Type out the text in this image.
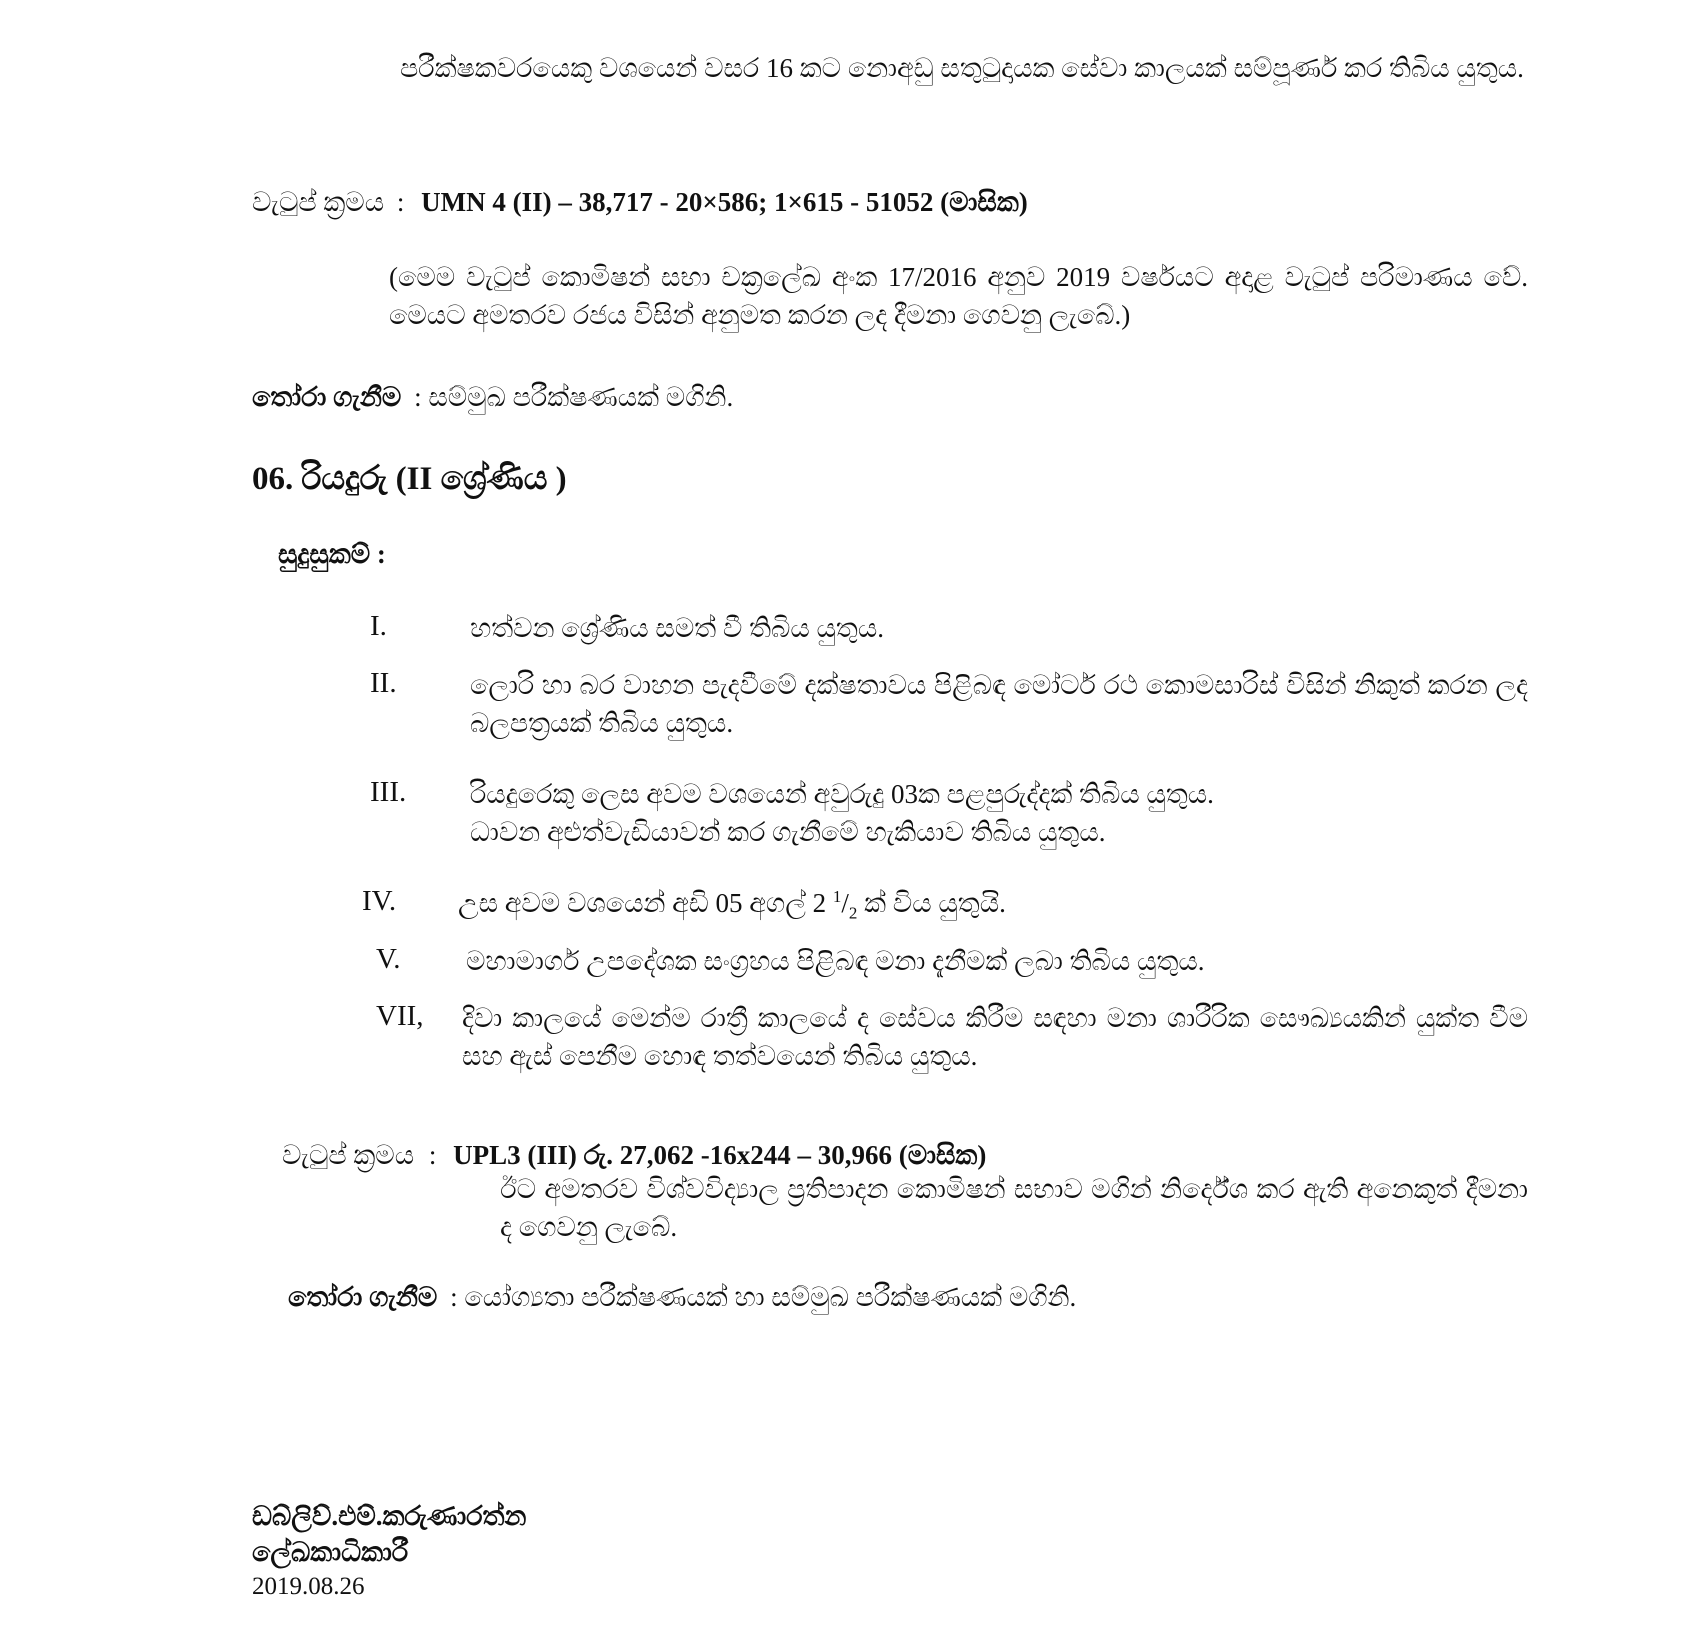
පරීක්ෂකවරයෙකු වශයෙන් වසර 16 කට නොඅඩු සතුටුදායක සේවා කාලයක් සම්පූර්ණ කර තිබිය යුතුය.
වැටුප් ක්‍රමය : UMN 4 (II) – 38,717 - 20×586; 1×615 - 51052 (මාසික)
(මෙම වැටුප් කොමිෂන් සභා චක්‍රලේඛ අංක 17/2016 අනුව 2019 වර්ෂයට අදාළ වැටුප් පරිමාණය වේ. මෙයට අමතරව රජය විසින් අනුමත කරන ලද දීමනා ගෙවනු ලැබේ.)
තෝරා ගැනීම : සම්මුඛ පරීක්ෂණයක් මගිනි.
06. රියදුරු (II ශ්‍රේණිය )
සුදුසුකම් :
I.	හත්වන ශ්‍රේණිය සමත් වී තිබිය යුතුය.
II.	ලොරි හා බර වාහන පැදවීමේ දක්ෂතාවය පිළිබඳ මෝටර් රථ කොමසාරිස් විසින් නිකුත් කරන ලද බලපත්‍රයක් තිබිය යුතුය.
III. රියදුරෙකු ලෙස අවම වශයෙන් අවුරුදු 03ක පළපුරුද්දක් තිබිය යුතුය.
ධාවන අළුත්වැඩියාවන් කර ගැනීමේ හැකියාව තිබිය යුතුය.
IV. උස අවම වශයෙන් අඩි 05 අගල් 2 $^1/_2$ ක් විය යුතුයි.
V. මහාමාර්ග උපදේශක සංග්‍රහය පිළිබඳ මනා දැනීමක් ලබා තිබිය යුතුය.
VII, දිවා කාලයේ මෙන්ම රාත්‍රී කාලයේ ද සේවය කිරීම සඳහා මනා ශාරීරික සෞඛ්‍යයකින් යුක්ත වීම සහ ඇස් පෙනීම හොඳ තත්වයෙන් තිබිය යුතුය.
වැටුප් ක්‍රමය : UPL3 (III) රු. 27,062 -16x244 – 30,966 (මාසික)
ඊට අමතරව විශ්වවිද්‍යාල ප්‍රතිපාදන කොමිෂන් සභාව මගින් නිර්දේශ කර ඇති අනෙකුත් දීමනා ද ගෙවනු ලැබේ.
තෝරා ගැනීම : යෝග්‍යතා පරීක්ෂණයක් හා සම්මුඛ පරීක්ෂණයක් මගිනි.
ඩබ්ලිව්.එම්.කරුණාරත්න
ලේඛකාධිකාරී
2019.08.26
